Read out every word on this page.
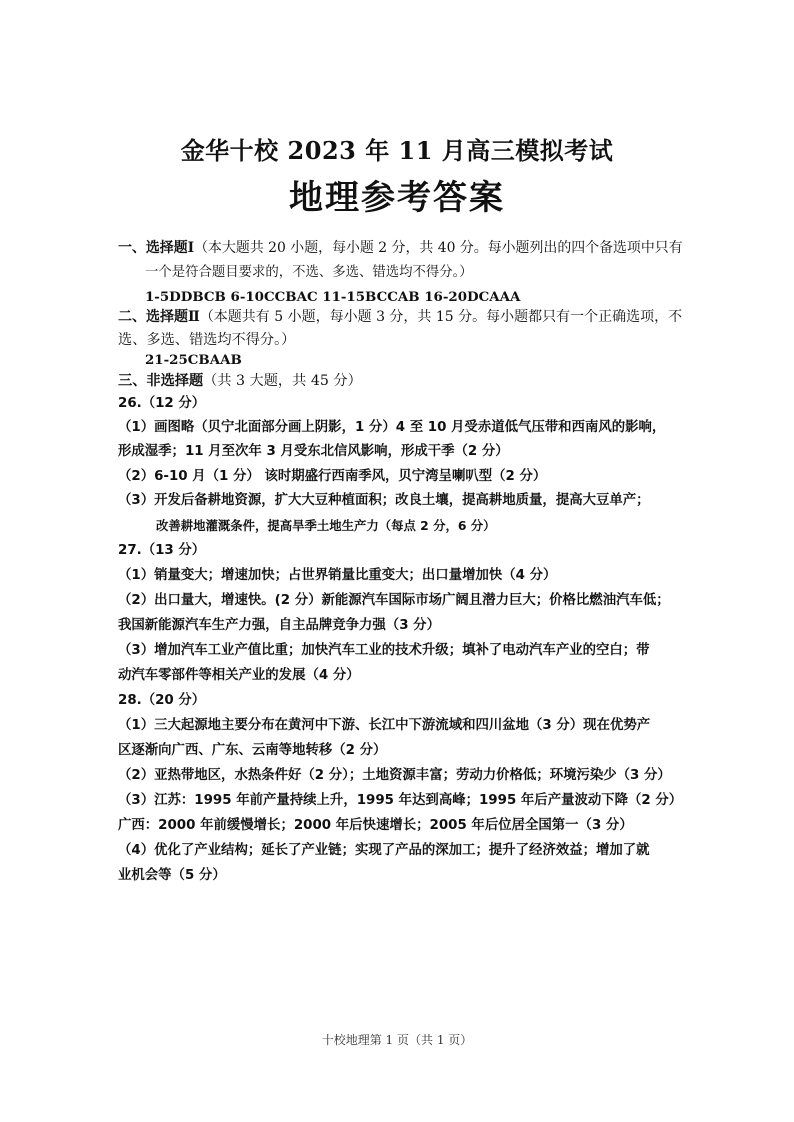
金华十校 2023 年 11 月高三模拟考试
地理参考答案
一、选择题Ⅰ（本大题共 20 小题，每小题 2 分，共 40 分。每小题列出的四个备选项中只有
一个是符合题目要求的，不选、多选、错选均不得分。）
1-5DDBCB 6-10CCBAC 11-15BCCAB 16-20DCAAA
二、选择题Ⅱ（本题共有 5 小题，每小题 3 分，共 15 分。每小题都只有一个正确选项，不
选、多选、错选均不得分。）
21-25CBAAB
三、非选择题（共 3 大题，共 45 分）
26.（12 分）
（1）画图略（贝宁北面部分画上阴影，1 分）4 至 10 月受赤道低气压带和西南风的影响，
形成湿季；11 月至次年 3 月受东北信风影响，形成干季（2 分）
（2）6-10 月（1 分） 该时期盛行西南季风，贝宁湾呈喇叭型（2 分）
（3）开发后备耕地资源，扩大大豆种植面积；改良土壤，提高耕地质量，提高大豆单产；
改善耕地灌溉条件，提高旱季土地生产力（每点 2 分，6 分）
27.（13 分）
（1）销量变大；增速加快；占世界销量比重变大；出口量增加快（4 分）
（2）出口量大，增速快。(2 分）新能源汽车国际市场广阔且潜力巨大；价格比燃油汽车低；
我国新能源汽车生产力强，自主品牌竞争力强（3 分）
（3）增加汽车工业产值比重；加快汽车工业的技术升级；填补了电动汽车产业的空白；带
动汽车零部件等相关产业的发展（4 分）
28.（20 分）
（1）三大起源地主要分布在黄河中下游、长江中下游流域和四川盆地（3 分）现在优势产
区逐渐向广西、广东、云南等地转移（2 分）
（2）亚热带地区，水热条件好（2 分）；土地资源丰富；劳动力价格低；环境污染少（3 分）
（3）江苏：1995 年前产量持续上升，1995 年达到高峰；1995 年后产量波动下降（2 分）
广西：2000 年前缓慢增长；2000 年后快速增长；2005 年后位居全国第一（3 分）
（4）优化了产业结构；延长了产业链；实现了产品的深加工；提升了经济效益；增加了就
业机会等（5 分）
十校地理第 1 页（共 1 页）
